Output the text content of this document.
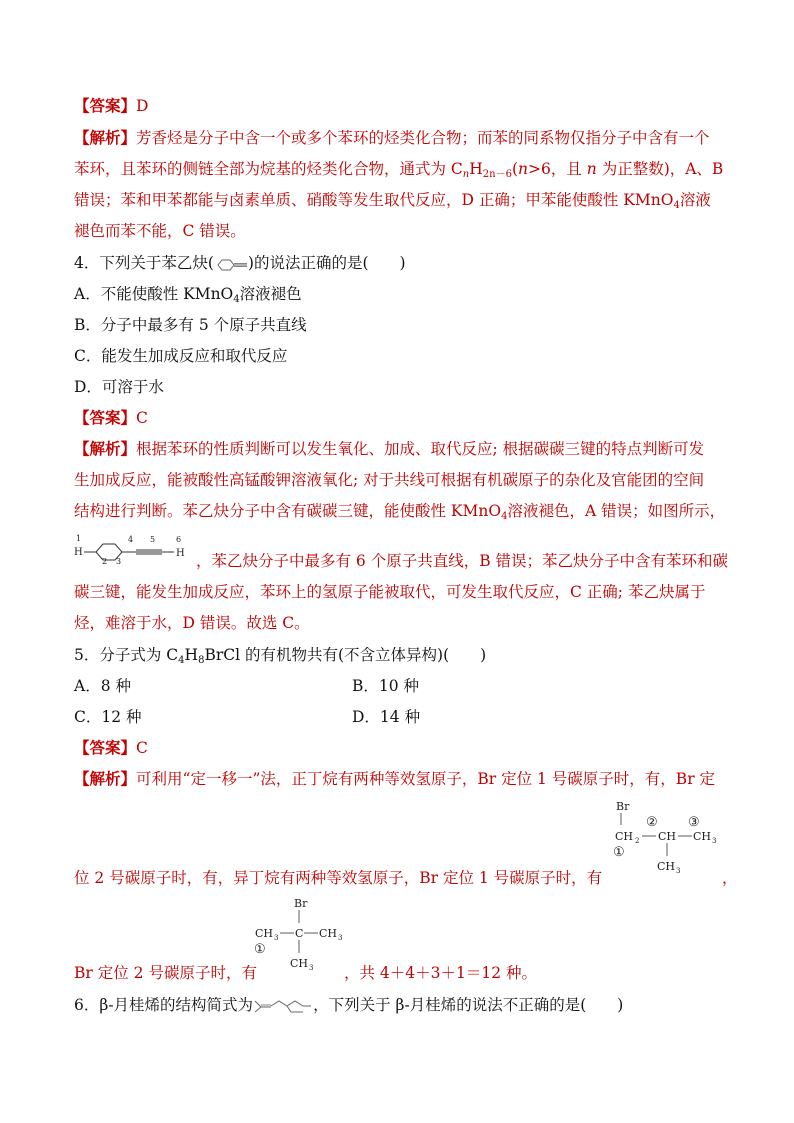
【答案】D
【解析】芳香烃是分子中含一个或多个苯环的烃类化合物；而苯的同系物仅指分子中含有一个
苯环，且苯环的侧链全部为烷基的烃类化合物，通式为 $C_nH_{2n-6}(n>6$，且 n 为正整数)，A、B
错误；苯和甲苯都能与卤素单质、硝酸等发生取代反应，D 正确；甲苯能使酸性 KMnO$_4$溶液
褪色而苯不能，C 错误。
4．下列关于苯乙炔( )的说法正确的是(　　)
A．不能使酸性 KMnO$_4$溶液褪色
B．分子中最多有 5 个原子共直线
C．能发生加成反应和取代反应
D．可溶于水
【答案】C
【解析】根据苯环的性质判断可以发生氧化、加成、取代反应; 根据碳碳三键的特点判断可发
生加成反应，能被酸性高锰酸钾溶液氧化; 对于共线可根据有机碳原子的杂化及官能团的空间
结构进行判断。苯乙炔分子中含有碳碳三键，能使酸性 KMnO$_4$溶液褪色，A 错误；如图所示，
1
H
2 3
4 5	6
H ，苯乙炔分子中最多有 6 个原子共直线，B 错误；苯乙炔分子中含有苯环和碳
碳三键，能发生加成反应，苯环上的氢原子能被取代，可发生取代反应，C 正确; 苯乙炔属于
烃，难溶于水，D 错误。故选 C。
5．分子式为 $C_4H_8BrCl$ 的有机物共有(不含立体异构)(　　)
A．8 种	B．10 种
C．12 种	D．14 种
【答案】C
【解析】可利用“定一移一”法，正丁烷有两种等效氢原子，Br 定位 1 号碳原子时，有，Br 定
Br
② ③
CH 2 CH CH 3
①
CH 3
位 2 号碳原子时，有，异丁烷有两种等效氢原子，Br 定位 1 号碳原子时，有	，
Br
CH 3 C CH 3
①
CH 3
Br 定位 2 号碳原子时，有	，共 4＋4＋3＋1＝12 种。
6．β-月桂烯的结构简式为	，下列关于 β-月桂烯的说法不正确的是(　　)
